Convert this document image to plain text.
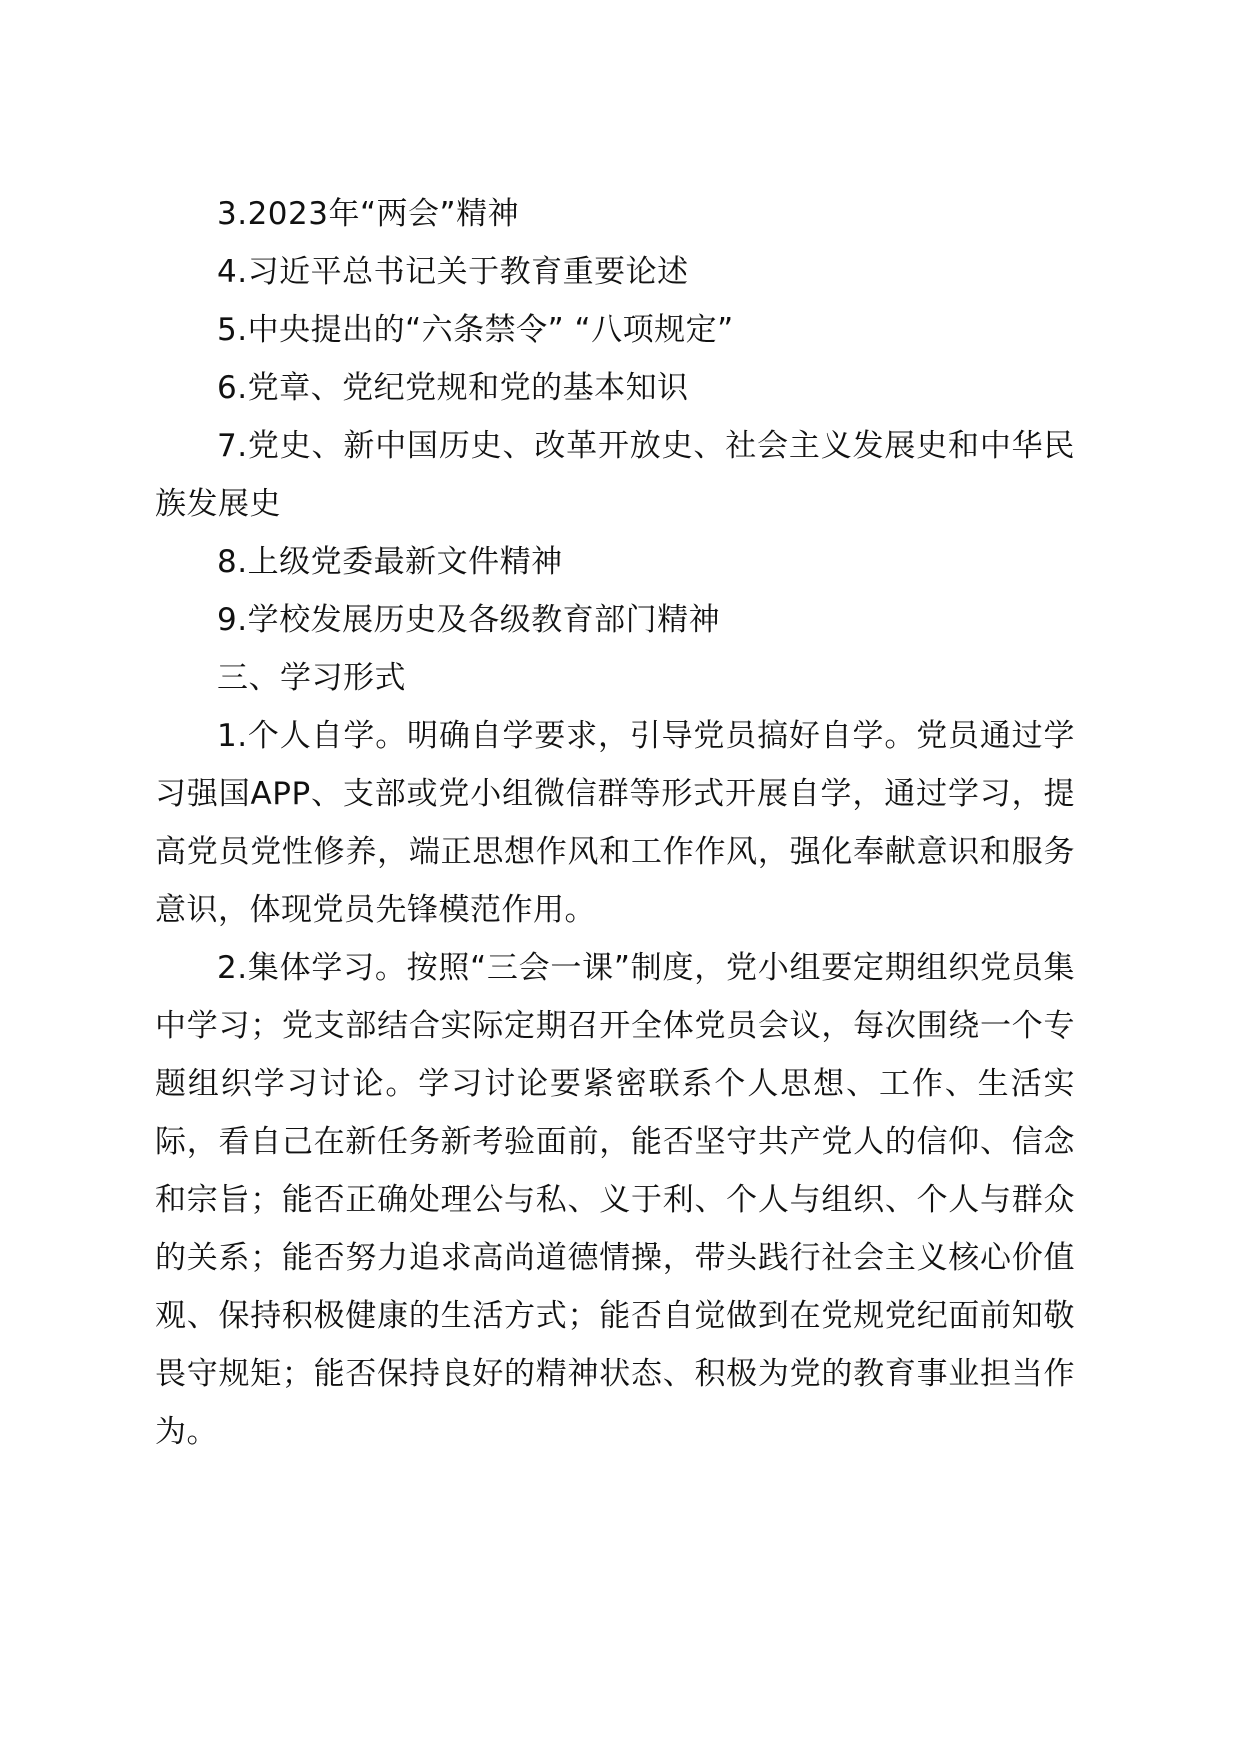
3.2023年“两会”精神

4.习近平总书记关于教育重要论述

5.中央提出的“六条禁令” “八项规定”

6.党章、党纪党规和党的基本知识

7.党史、新中国历史、改革开放史、社会主义发展史和中华民族发展史

8.上级党委最新文件精神

9.学校发展历史及各级教育部门精神

三、学习形式

1.个人自学。明确自学要求，引导党员搞好自学。党员通过学习强国APP、支部或党小组微信群等形式开展自学，通过学习，提高党员党性修养，端正思想作风和工作作风，强化奉献意识和服务意识，体现党员先锋模范作用。

2.集体学习。按照“三会一课”制度，党小组要定期组织党员集中学习；党支部结合实际定期召开全体党员会议，每次围绕一个专题组织学习讨论。学习讨论要紧密联系个人思想、工作、生活实际，看自己在新任务新考验面前，能否坚守共产党人的信仰、信念和宗旨；能否正确处理公与私、义于利、个人与组织、个人与群众的关系；能否努力追求高尚道德情操，带头践行社会主义核心价值观、保持积极健康的生活方式；能否自觉做到在党规党纪面前知敬畏守规矩；能否保持良好的精神状态、积极为党的教育事业担当作为。
